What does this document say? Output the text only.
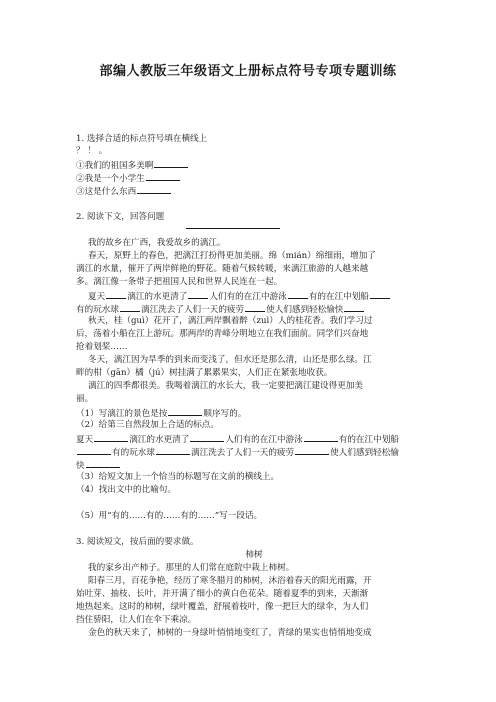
部编人教版三年级语文上册标点符号专项专题训练
1. 选择合适的标点符号填在横线上
？ ！ 。
①我们的祖国多美啊
②我是一个小学生
③这是什么东西
2. 阅读下文，回答问题
我的故乡在广西，我爱故乡的漓江。
春天，原野上的春色，把漓江打扮得更加美丽。绵（mián）绵细雨，增加了
漓江的水量，催开了两岸鲜艳的野花。随着气候转暖，来漓江旅游的人越来越
多。漓江像一条带子把祖国人民和世界人民连在一起。
夏天	漓江的水更清了	人们有的在江中游泳	有的在江中划船
有的玩水球	漓江洗去了人们一天的疲劳	使人们感到轻松愉快
秋天，桂（guì）花开了，漓江两岸飘着醉（zuì）人的桂花香。我们学习过
后，荡着小船在江上游玩。那两岸的青峰分明地立在我们面前。同学们兴奋地
抢着划桨……
冬天，漓江因为旱季的到来而变浅了，但水还是那么清，山还是那么绿。江
畔的柑（gān）橘（jú）树挂满了累累果实，人们正在紧张地收获。
漓江的四季都很美。我喝着漓江的水长大，我一定要把漓江建设得更加美
丽。
（1）写漓江的景色是按	顺序写的。
（2）给第三自然段加上合适的标点。
夏天	漓江的水更清了	人们有的在江中游泳	有的在江中划船
有的玩水球	漓江洗去了人们一天的疲劳	使人们感到轻松愉
快
（3）给短文加上一个恰当的标题写在文前的横线上。
（4）找出文中的比喻句。
（5）用“有的……有的……有的……”写一段话。
3. 阅读短文，按后面的要求做。
柿树
我的家乡出产柿子。那里的人们常在庭院中栽上柿树。
阳春三月，百花争艳，经历了寒冬腊月的柿树，沐浴着春天的阳光雨露，开
始吐芽、抽枝、长叶，并开满了细小的黄白色花朵。随着夏季的到来，天渐渐
地热起来。这时的柿树，绿叶覆盖，舒展着枝叶，像一把巨大的绿伞，为人们
挡住骄阳，让人们在伞下乘凉。
金色的秋天来了，柿树的一身绿叶悄悄地变红了，青绿的果实也悄悄地变成
